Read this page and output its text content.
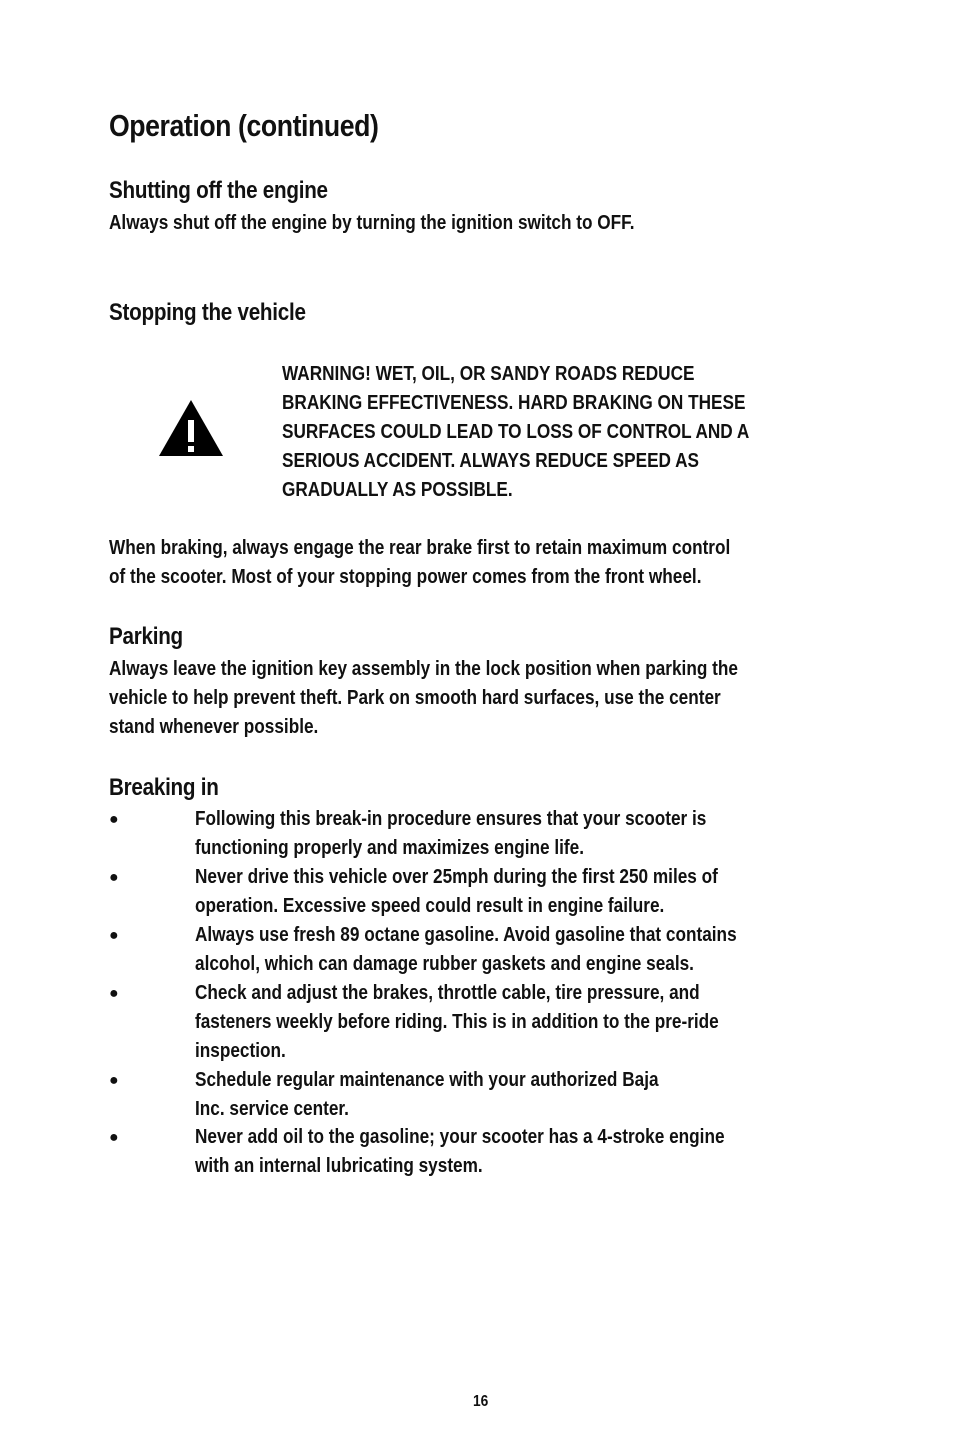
Operation (continued)
Shutting off the engine
Always shut off the engine by turning the ignition switch to OFF.
Stopping the vehicle
WARNING! WET, OIL, OR SANDY ROADS REDUCE
BRAKING EFFECTIVENESS. HARD BRAKING ON THESE
SURFACES COULD LEAD TO LOSS OF CONTROL AND A
SERIOUS ACCIDENT. ALWAYS REDUCE SPEED AS
GRADUALLY AS POSSIBLE.
When braking, always engage the rear brake first to retain maximum control
of the scooter. Most of your stopping power comes from the front wheel.
Parking
Always leave the ignition key assembly in the lock position when parking the
vehicle to help prevent theft. Park on smooth hard surfaces, use the center
stand whenever possible.
Breaking in
●	Following this break-in procedure ensures that your scooter is
functioning properly and maximizes engine life.
●	Never drive this vehicle over 25mph during the first 250 miles of
operation. Excessive speed could result in engine failure.
●	Always use fresh 89 octane gasoline. Avoid gasoline that contains
alcohol, which can damage rubber gaskets and engine seals.
●	Check and adjust the brakes, throttle cable, tire pressure, and
fasteners weekly before riding. This is in addition to the pre-ride
inspection.
●	Schedule regular maintenance with your authorized Baja
Inc. service center.
●	Never add oil to the gasoline; your scooter has a 4-stroke engine
with an internal lubricating system.
16
